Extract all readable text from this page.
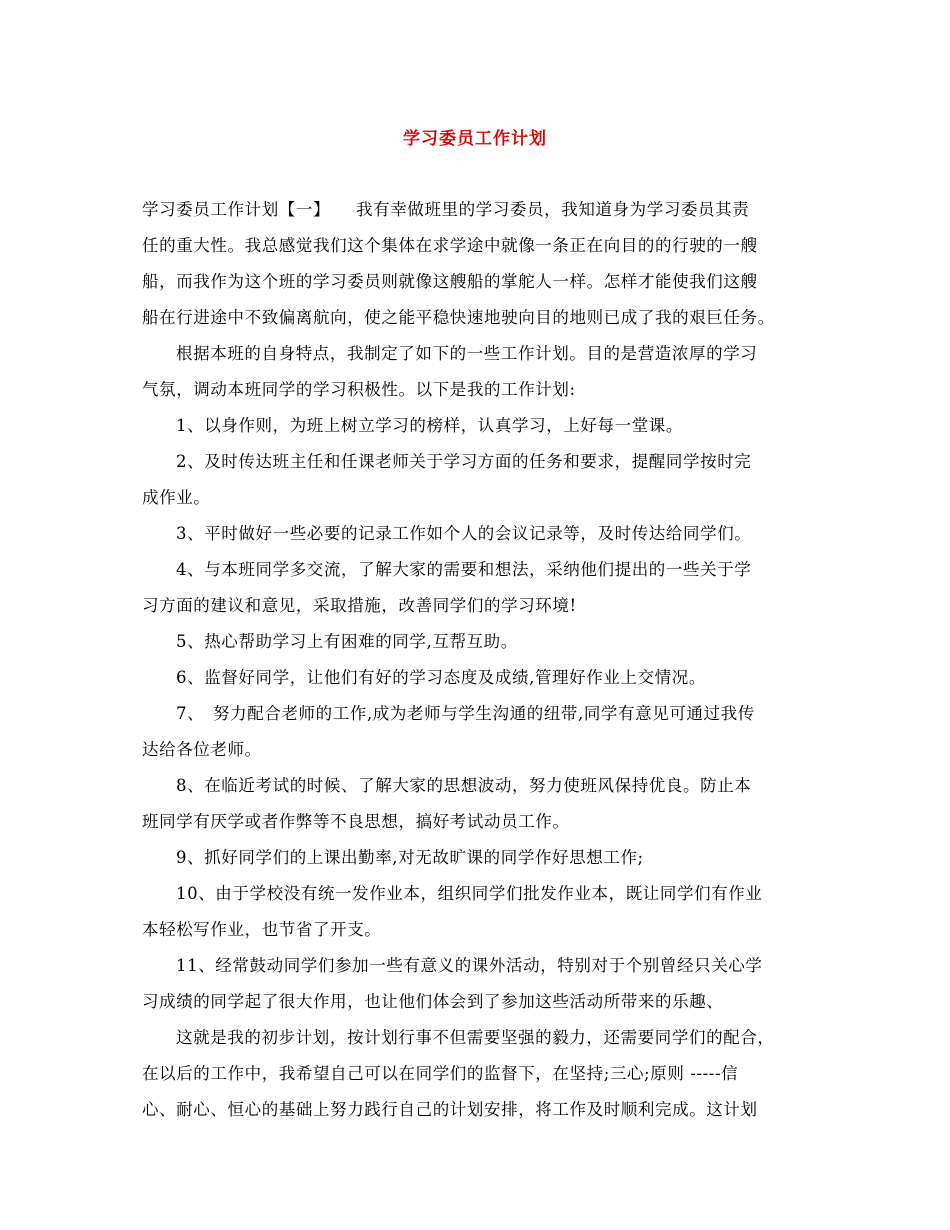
学习委员工作计划
学习委员工作计划【一】　　我有幸做班里的学习委员，我知道身为学习委员其责
任的重大性。我总感觉我们这个集体在求学途中就像一条正在向目的的行驶的一艘
船，而我作为这个班的学习委员则就像这艘船的掌舵人一样。怎样才能使我们这艘
船在行进途中不致偏离航向，使之能平稳快速地驶向目的地则已成了我的艰巨任务。
根据本班的自身特点，我制定了如下的一些工作计划。目的是营造浓厚的学习
气氛，调动本班同学的学习积极性。以下是我的工作计划:
1、以身作则，为班上树立学习的榜样，认真学习，上好每一堂课。
2、及时传达班主任和任课老师关于学习方面的任务和要求，提醒同学按时完
成作业。
3、平时做好一些必要的记录工作如个人的会议记录等，及时传达给同学们。
4、与本班同学多交流，了解大家的需要和想法，采纳他们提出的一些关于学
习方面的建议和意见，采取措施，改善同学们的学习环境!
5、热心帮助学习上有困难的同学,互帮互助。
6、监督好同学，让他们有好的学习态度及成绩,管理好作业上交情况。
7、　努力配合老师的工作,成为老师与学生沟通的纽带,同学有意见可通过我传
达给各位老师。
8、在临近考试的时候、了解大家的思想波动，努力使班风保持优良。防止本
班同学有厌学或者作弊等不良思想，搞好考试动员工作。
9、抓好同学们的上课出勤率,对无故旷课的同学作好思想工作;
10、由于学校没有统一发作业本，组织同学们批发作业本，既让同学们有作业
本轻松写作业，也节省了开支。
11、经常鼓动同学们参加一些有意义的课外活动，特别对于个别曾经只关心学
习成绩的同学起了很大作用，也让他们体会到了参加这些活动所带来的乐趣、
这就是我的初步计划，按计划行事不但需要坚强的毅力，还需要同学们的配合，
在以后的工作中，我希望自己可以在同学们的监督下，在坚持;三心;原则 -----信
心、耐心、恒心的基础上努力践行自己的计划安排，将工作及时顺利完成。这计划
